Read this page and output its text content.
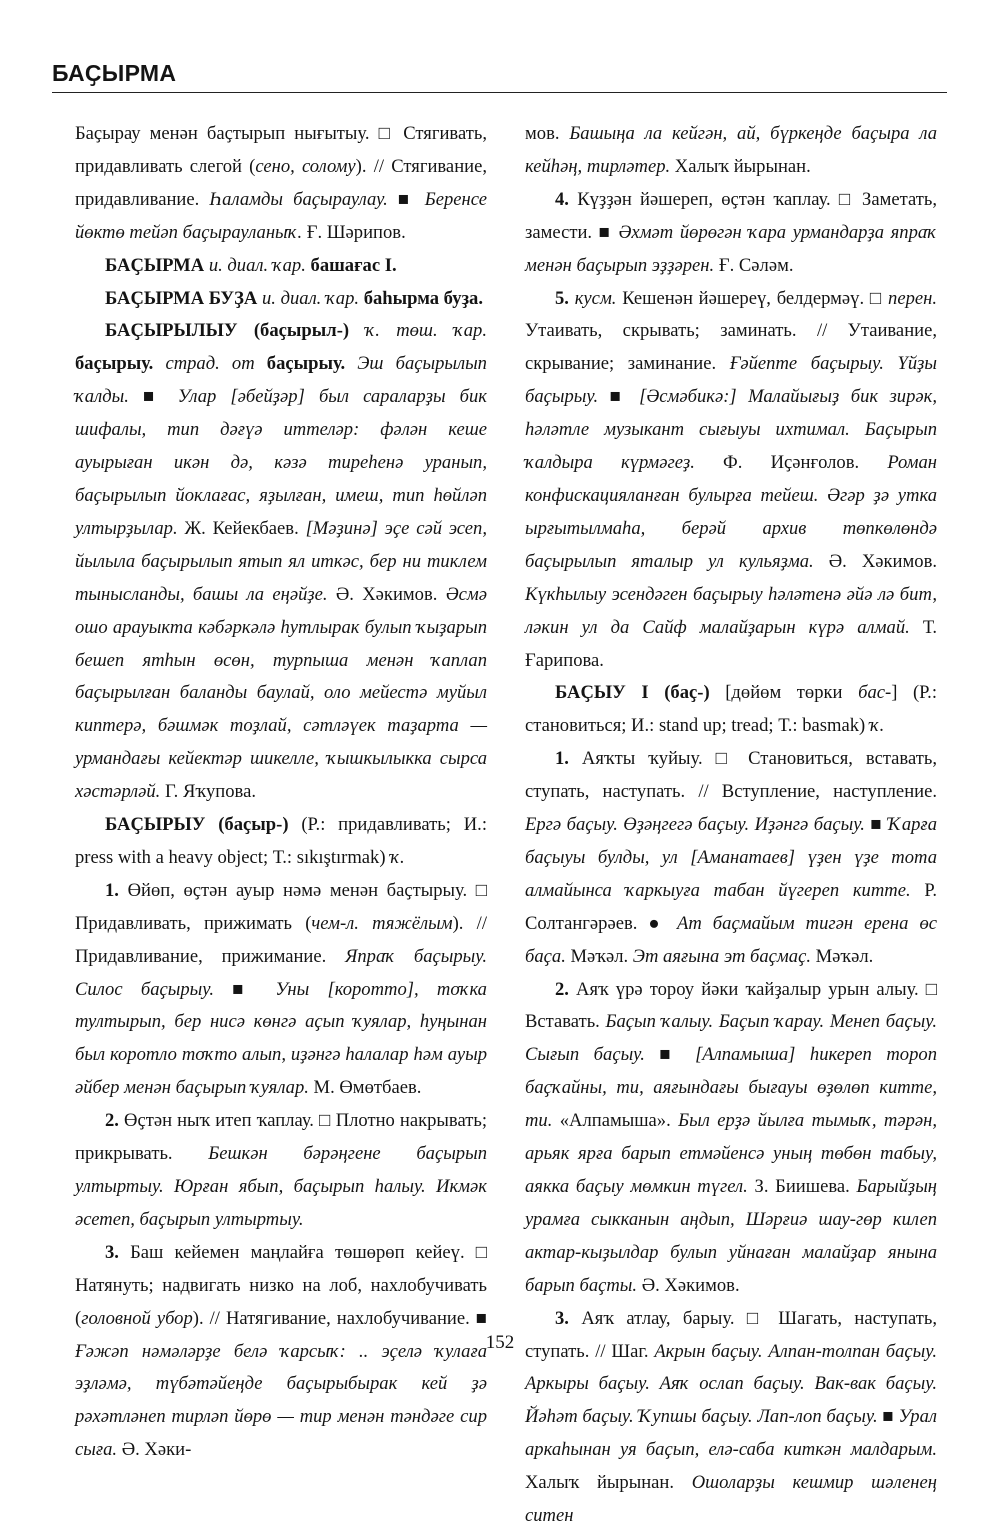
БАҪЫРМА

Баҫырау менән баҫтырып нығытыу. □ Стягивать, придавливать слегой (сено, солому). // Стягивание, придавливание. Һаламды баҫыраулау. ■ Беренсе йөктө тейәп баҫырауланыҡ. Ғ. Шәрипов.

БАҪЫРМА и. диал. ҡар. башағас I.

БАҪЫРМА БУҘА и. диал. ҡар. баһырма буҙа.

БАҪЫРЫЛЫУ (баҫырыл-) ҡ. төш. ҡар. баҫырыу. страд. от баҫырыу. Эш баҫырылып ҡалды. ■ Улар [әбейҙәр] был сараларҙы бик шифалы, тип дәғүә иттеләр: фәлән кеше ауырыған икән дә, кәзә тиреһенә уранып, баҫырылып йоклағас, яҙылған, имеш, тип һөйләп ултырҙылар. Ж. Кейекбаев. [Мәҙинә] эҫе сәй эсеп, йылыла баҫырылып ятып ял иткәс, бер ни тиклем тынысланды, башы ла еңәйҙе. Ә. Хәкимов. Әсмә ошо арауыкта кәбәркәлә һутлырак булып ҡыҙарып бешеп ятһын өсөн, турпыша менән ҡаплап баҫырылған баланды баулай, оло мейестә муйыл киптерә, бәшмәк тоҙлай, сәтләүек таҙарта — урмандағы кейектәр шикелле, ҡышкылыкка сырса хәстәрләй. Г. Яҡупова.

БАҪЫРЫУ (баҫыр-) (Р.: придавливать; И.: press with a heavy object; Т.: sıkıştırmak) ҡ.

1. Өйөп, өҫтән ауыр нәмә менән баҫтырыу. □ Придавливать, прижимать (чем-л. тяжёлым). // Придавливание, прижимание. Япраҡ баҫырыу. Силос баҫырыу. ■ Уны [коротто], тоҡка тултырып, бер нисә көнгә аҫып ҡуялар, һуңынан был коротло тоҡто алып, иҙәнгә һалалар һәм ауыр әйбер менән баҫырып ҡуялар. М. Өмөтбаев.

2. Өҫтән ныҡ итеп ҡаплау. □ Плотно накрывать; прикрывать. Бешкән бәрәңгене баҫырып ултыртыу. Юрған ябып, баҫырып һалыу. Икмәк әсетеп, баҫырып ултыртыу.

3. Баш кейемен маңлайға төшөрөп кейеү. □ Натянуть; надвигать низко на лоб, нахлобучивать (головной убор). // Натягивание, нахлобучивание. ■ Ғәжәп нәмәләрҙе белә ҡарсыҡ: .. эҫелә ҡулаға эҙләмә, түбәтәйеңде баҫырыбырак кей ҙә рәхәтләнеп тирләп йөрө — тир менән тәндәге сир сыға. Ә. Хәки-

мов. Башыңа ла кейгән, ай, бүркеңде баҫыра ла кейһәң, тирләтер. Халыҡ йырынан.

4. Күҙҙән йәшереп, өҫтән ҡаплау. □ Заметать, замести. ■ Әхмәт йөрөгән ҡара урмандарҙа япраҡ менән баҫырып эҙҙәрен. Ғ. Сәләм.

5. кусм. Кешенән йәшереү, белдермәү. □ перен. Утаивать, скрывать; заминать. // Утаивание, скрывание; заминание. Ғәйепте баҫырыу. Үйҙы баҫырыу. ■ [Әсмәбикә:] Малайығыҙ бик зирәк, һәләтле музыкант сығыуы ихтимал. Баҫырып ҡалдыра күрмәгеҙ. Ф. Иҫәнғолов. Роман конфискацияланған булырға тейеш. Әгәр ҙә утка ырғытылмаһа, берәй архив төпкөлөндә баҫырылып яталыр ул кульяҙма. Ә. Хәкимов. Күкһылыу эсендәген баҫырыу һәләтенә әйә лә бит, ләкин ул да Сайф малайҙарын күрә алмай. Т. Ғарипова.

БАҪЫУ I (баҫ-) [дөйөм төрки бас-] (Р.: становиться; И.: stand up; tread; Т.: basmak) ҡ.

1. Аяҡты ҡуйыу. □ Становиться, вставать, ступать, наступать. // Вступление, наступление. Ергә баҫыу. Өҙәңгегә баҫыу. Иҙәнгә баҫыу. ■ Ҡарға баҫыуы булды, ул [Аманатаев] үҙен үҙе тота алмайынса ҡаркыуға табан йүгереп китте. Р. Солтангәрәев. ● Ат баҫмайым тигән ерена өс баҫа. Мәҡәл. Эт аяғына эт баҫмаҫ. Мәҡәл.

2. Аяҡ үрә тороу йәки ҡайҙалыр урын алыу. □ Вставать. Баҫып ҡалыу. Баҫып ҡарау. Менеп баҫыу. Сығып баҫыу. ■ [Алпамыша] һикереп тороп баҫҡайны, ти, аяғындағы бығауы өҙөлөп китте, ти. «Алпамыша». Был ерҙә йылға тымыҡ, тәрән, арьяк ярға барып етмәйенсә уның төбөн табыу, аякка баҫыу мөмкин түгел. З. Биишева. Барыйҙың урамға сыкканын аңдып, Шәрғиә шау-гөр килеп актар-кыҙылдар булып уйнаған малайҙар янына барып баҫты. Ә. Хәкимов.

3. Аяҡ атлау, барыу. □ Шагать, наступать, ступать. // Шаг. Акрын баҫыу. Алпан-толпан баҫыу. Аркыры баҫыу. Аяҡ ослап баҫыу. Вак-вак баҫыу. Йәһәт баҫыу. Ҡупшы баҫыу. Лап-лоп баҫыу. ■ Урал аркаһынан уя баҫып, елә-саба киткән малдарым. Халыҡ йырынан. Ошоларҙы кешмир шәленең ситен

152
